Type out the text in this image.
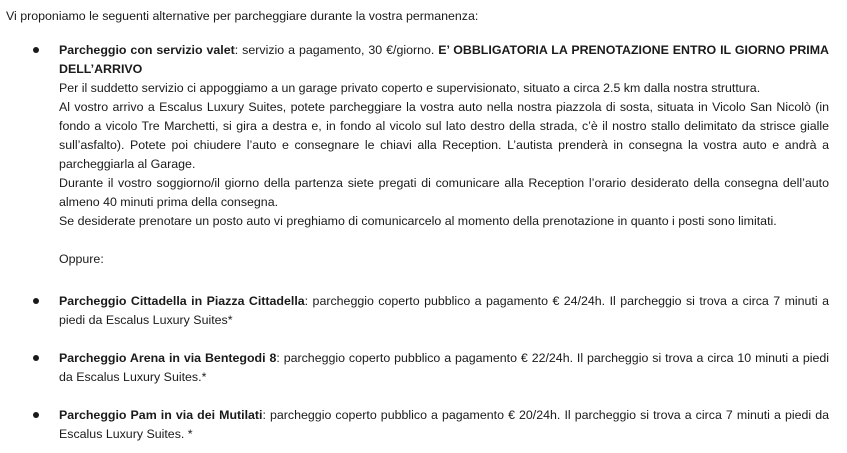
Vi proponiamo le seguenti alternative per parcheggiare durante la vostra permanenza:
Parcheggio con servizio valet: servizio a pagamento, 30 €/giorno. E’ OBBLIGATORIA LA PRENOTAZIONE ENTRO IL GIORNO PRIMA DELL’ARRIVO
Per il suddetto servizio ci appoggiamo a un garage privato coperto e supervisionato, situato a circa 2.5 km dalla nostra struttura.
Al vostro arrivo a Escalus Luxury Suites, potete parcheggiare la vostra auto nella nostra piazzola di sosta, situata in Vicolo San Nicolò (in fondo a vicolo Tre Marchetti, si gira a destra e, in fondo al vicolo sul lato destro della strada, c’è il nostro stallo delimitato da strisce gialle sull’asfalto). Potete poi chiudere l’auto e consegnare le chiavi alla Reception. L’autista prenderà in consegna la vostra auto e andrà a parcheggiarla al Garage.
Durante il vostro soggiorno/il giorno della partenza siete pregati di comunicare alla Reception l’orario desiderato della consegna dell’auto almeno 40 minuti prima della consegna.
Se desiderate prenotare un posto auto vi preghiamo di comunicarcelo al momento della prenotazione in quanto i posti sono limitati.
Oppure:
Parcheggio Cittadella in Piazza Cittadella: parcheggio coperto pubblico a pagamento € 24/24h. Il parcheggio si trova a circa 7 minuti a piedi da Escalus Luxury Suites*
Parcheggio Arena in via Bentegodi 8: parcheggio coperto pubblico a pagamento € 22/24h. Il parcheggio si trova a circa 10 minuti a piedi da Escalus Luxury Suites.*
Parcheggio Pam in via dei Mutilati: parcheggio coperto pubblico a pagamento € 20/24h. Il parcheggio si trova a circa 7 minuti a piedi da Escalus Luxury Suites. *
